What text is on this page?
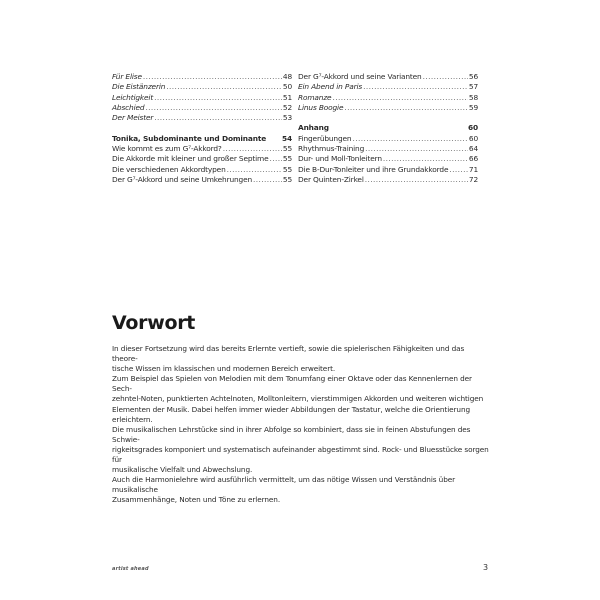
Für Elise .....	48
Die Eistänzerin .....	50
Leichtigkeit .....	51
Abschied .....	52
Der Meister .....	53
Tonika, Subdominante und Dominante 54
Wie kommt es zum G⁷-Akkord? .....	55
Die Akkorde mit kleiner und großer Septime ..... 55
Die verschiedenen Akkordtypen .....	55
Der G⁷-Akkord und seine Umkehrungen .....	55
Der G⁷-Akkord und seine Varianten .....	56
Ein Abend in Paris .....	57
Romanze .....	58
Linus Boogie .....	59
Anhang	60
Fingerübungen .....	60
Rhythmus-Training .....	64
Dur- und Moll-Tonleitern .....	66
Die B-Dur-Tonleiter und ihre Grundakkorde .....	71
Der Quinten-Zirkel .....	72
Vorwort

In dieser Fortsetzung wird das bereits Erlernte vertieft, sowie die spielerischen Fähigkeiten und das theore-

tische Wissen im klassischen und modernen Bereich erweitert.

Zum Beispiel das Spielen von Melodien mit dem Tonumfang einer Oktave oder das Kennenlernen der Sech-

zehntel-Noten, punktierten Achtelnoten, Molltonleitern, vierstimmigen Akkorden und weiteren wichtigen

Elementen der Musik. Dabei helfen immer wieder Abbildungen der Tastatur, welche die Orientierung erleichtern.

Die musikalischen Lehrstücke sind in ihrer Abfolge so kombiniert, dass sie in feinen Abstufungen des Schwie-

rigkeitsgrades komponiert und systematisch aufeinander abgestimmt sind. Rock- und Bluesstücke sorgen für

musikalische Vielfalt und Abwechslung.

Auch die Harmonielehre wird ausführlich vermittelt, um das nötige Wissen und Verständnis über musikalische

Zusammenhänge, Noten und Töne zu erlernen.

artist ahead	3
